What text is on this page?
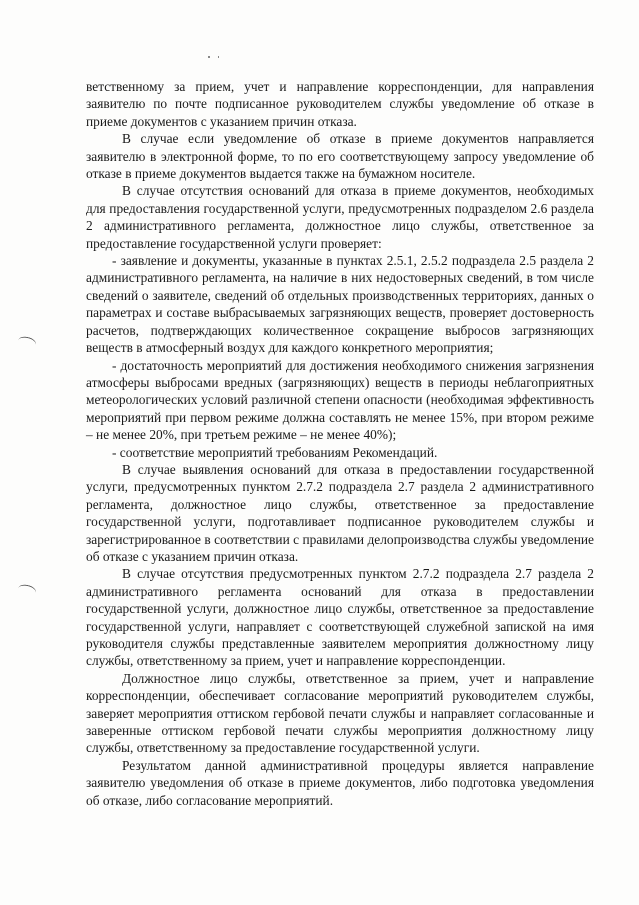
ветственному за прием, учет и направление корреспонденции, для направления заявителю по почте подписанное руководителем службы уведомление об отказе в приеме документов с указанием причин отказа.

В случае если уведомление об отказе в приеме документов направляется заявителю в электронной форме, то по его соответствующему запросу уведомление об отказе в приеме документов выдается также на бумажном носителе.

В случае отсутствия оснований для отказа в приеме документов, необходимых для предоставления государственной услуги, предусмотренных подразделом 2.6 раздела 2 административного регламента, должностное лицо службы, ответственное за предоставление государственной услуги проверяет:

- заявление и документы, указанные в пунктах 2.5.1, 2.5.2 подраздела 2.5 раздела 2 административного регламента, на наличие в них недостоверных сведений, в том числе сведений о заявителе, сведений об отдельных производственных территориях, данных о параметрах и составе выбрасываемых загрязняющих веществ, проверяет достоверность расчетов, подтверждающих количественное сокращение выбросов загрязняющих веществ в атмосферный воздух для каждого конкретного мероприятия;

- достаточность мероприятий для достижения необходимого снижения загрязнения атмосферы выбросами вредных (загрязняющих) веществ в периоды неблагоприятных метеорологических условий различной степени опасности (необходимая эффективность мероприятий при первом режиме должна составлять не менее 15%, при втором режиме – не менее 20%, при третьем режиме – не менее 40%);

- соответствие мероприятий требованиям Рекомендаций.

В случае выявления оснований для отказа в предоставлении государственной услуги, предусмотренных пунктом 2.7.2 подраздела 2.7 раздела 2 административного регламента, должностное лицо службы, ответственное за предоставление государственной услуги, подготавливает подписанное руководителем службы и зарегистрированное в соответствии с правилами делопроизводства службы уведомление об отказе с указанием причин отказа.

В случае отсутствия предусмотренных пунктом 2.7.2 подраздела 2.7 раздела 2 административного регламента оснований для отказа в предоставлении государственной услуги, должностное лицо службы, ответственное за предоставление государственной услуги, направляет с соответствующей служебной запиской на имя руководителя службы представленные заявителем мероприятия должностному лицу службы, ответственному за прием, учет и направление корреспонденции.

Должностное лицо службы, ответственное за прием, учет и направление корреспонденции, обеспечивает согласование мероприятий руководителем службы, заверяет мероприятия оттиском гербовой печати службы и направляет согласованные и заверенные оттиском гербовой печати службы мероприятия должностному лицу службы, ответственному за предоставление государственной услуги.

Результатом данной административной процедуры является направление заявителю уведомления об отказе в приеме документов, либо подготовка уведомления об отказе, либо согласование мероприятий.
